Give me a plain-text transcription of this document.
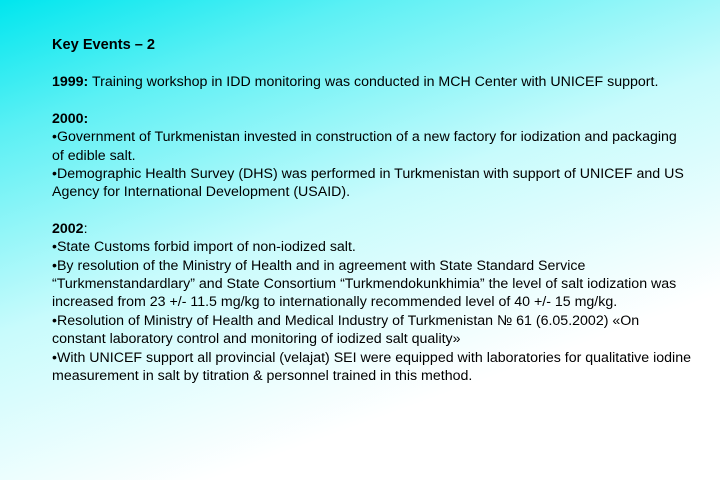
Key Events – 2

1999: Training workshop in IDD monitoring was conducted in MCH Center with UNICEF support.

2000:

•Government of Turkmenistan invested in construction of a new factory for iodization and packaging of edible salt.

•Demographic Health Survey (DHS) was performed in Turkmenistan with support of UNICEF and US Agency for International Development (USAID).

2002:

•State Customs forbid import of non-iodized salt.

•By resolution of the Ministry of Health and in agreement with State Standard Service “Turkmenstandardlary” and State Consortium “Turkmendokunkhimia” the level of salt iodization was increased from 23 +/- 11.5 mg/kg to internationally recommended level of 40 +/- 15 mg/kg.

•Resolution of Ministry of Health and Medical Industry of Turkmenistan № 61 (6.05.2002) «On constant laboratory control and monitoring of iodized salt quality»

•With UNICEF support all provincial (velajat) SEI were equipped with laboratories for qualitative iodine measurement in salt by titration & personnel trained in this method.
